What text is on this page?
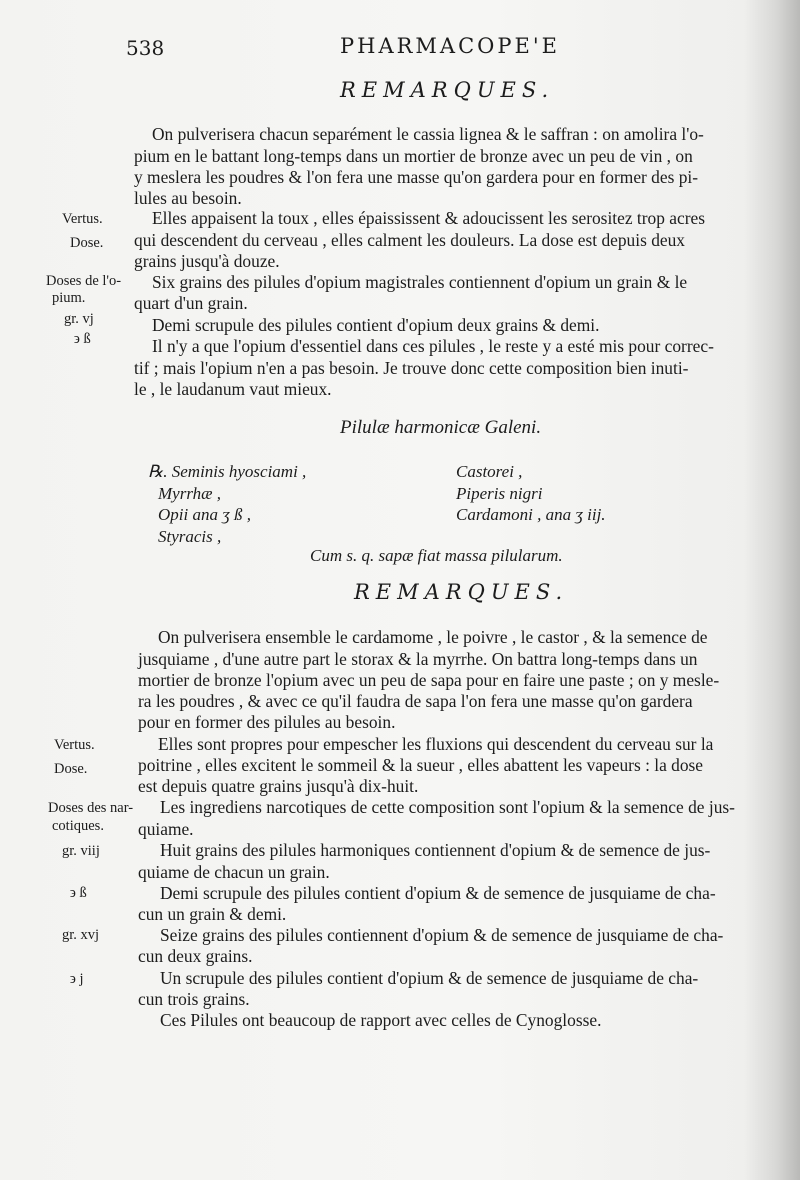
538	PHARMACOPE'E
REMARQUES.
On pulverisera chacun separément le cassia lignea & le saffran : on amolira l'o-
pium en le battant long-temps dans un mortier de bronze avec un peu de vin , on
y meslera les poudres & l'on fera une masse qu'on gardera pour en former des pi-
lules au besoin.
Elles appaisent la toux , elles épaississent & adoucissent les serositez trop acres
qui descendent du cerveau , elles calment les douleurs. La dose est depuis deux
grains jusqu'à douze.
Six grains des pilules d'opium magistrales contiennent d'opium un grain & le
quart d'un grain.
Demi scrupule des pilules contient d'opium deux grains & demi.
Il n'y a que l'opium d'essentiel dans ces pilules , le reste y a esté mis pour correc-
tif ; mais l'opium n'en a pas besoin. Je trouve donc cette composition bien inuti-
le , le laudanum vaut mieux.
Vertus.
Dose.
Doses de l'o-
pium.
gr. vj
϶ ß
Pilulæ harmonicæ Galeni.
℞. Seminis hyosciami ,
Myrrhæ ,
Opii ana ʒ ß ,
Styracis ,
Castorei ,
Piperis nigri
Cardamoni , ana ʒ iij.
Cum s. q. sapæ fiat massa pilularum.
REMARQUES.
On pulverisera ensemble le cardamome , le poivre , le castor , & la semence de
jusquiame , d'une autre part le storax & la myrrhe. On battra long-temps dans un
mortier de bronze l'opium avec un peu de sapa pour en faire une paste ; on y mesle-
ra les poudres , & avec ce qu'il faudra de sapa l'on fera une masse qu'on gardera
pour en former des pilules au besoin.
Elles sont propres pour empescher les fluxions qui descendent du cerveau sur la
poitrine , elles excitent le sommeil & la sueur , elles abattent les vapeurs : la dose
est depuis quatre grains jusqu'à dix-huit.
Les ingrediens narcotiques de cette composition sont l'opium & la semence de jus-
quiame.
Huit grains des pilules harmoniques contiennent d'opium & de semence de jus-
quiame de chacun un grain.
Demi scrupule des pilules contient d'opium & de semence de jusquiame de cha-
cun un grain & demi.
Seize grains des pilules contiennent d'opium & de semence de jusquiame de cha-
cun deux grains.
Un scrupule des pilules contient d'opium & de semence de jusquiame de cha-
cun trois grains.
Ces Pilules ont beaucoup de rapport avec celles de Cynoglosse.
Vertus.
Dose.
Doses des nar-
cotiques.
gr. viij
϶ ß
gr. xvj
϶ j
